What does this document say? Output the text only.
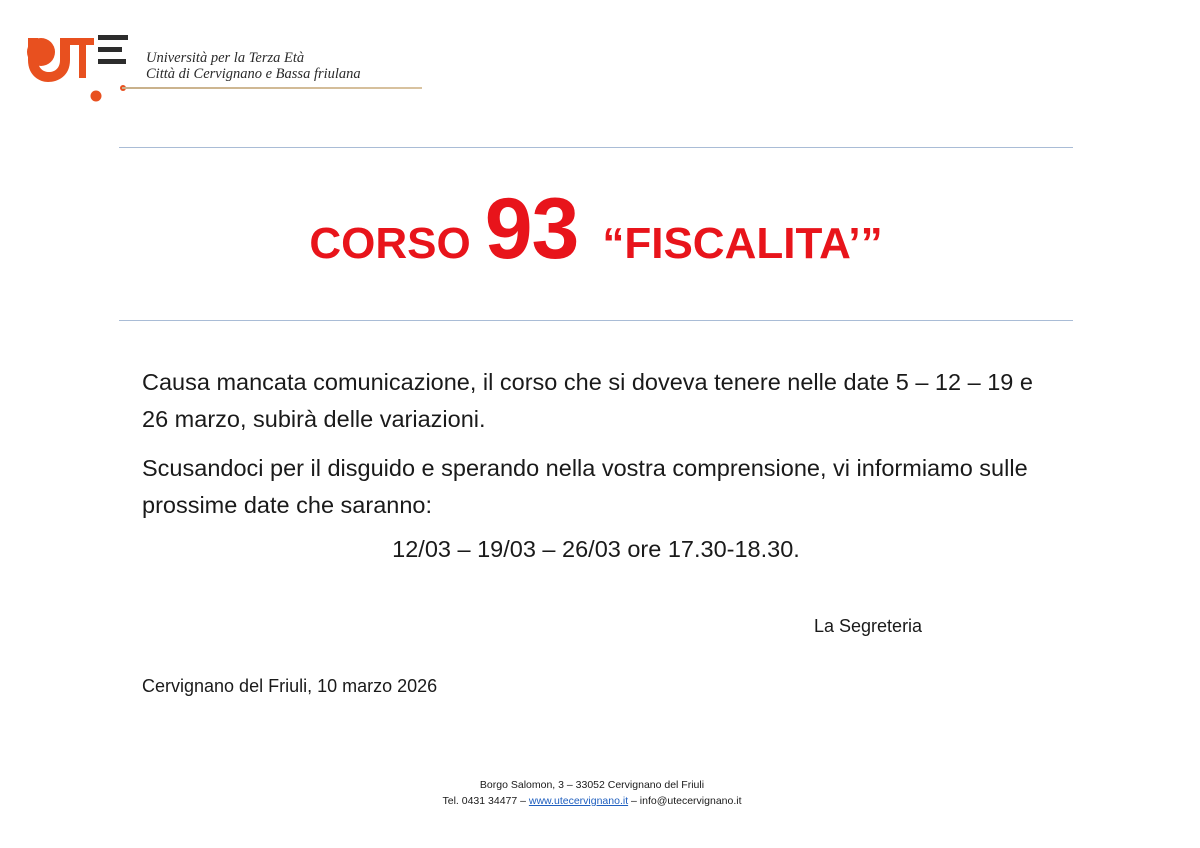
Università per la Terza Età
Città di Cervignano e Bassa friulana
CORSO 93 “FISCALITA’”
Causa mancata comunicazione, il corso che si doveva tenere nelle date 5 – 12 – 19 e 26 marzo, subirà delle variazioni.
Scusandoci per il disguido e sperando nella vostra comprensione, vi informiamo sulle prossime date che saranno:
12/03 – 19/03 – 26/03 ore 17.30-18.30.
La Segreteria
Cervignano del Friuli, 10 marzo 2026
Borgo Salomon, 3 – 33052 Cervignano del Friuli
Tel. 0431 34477 – www.utecervignano.it – info@utecervignano.it
